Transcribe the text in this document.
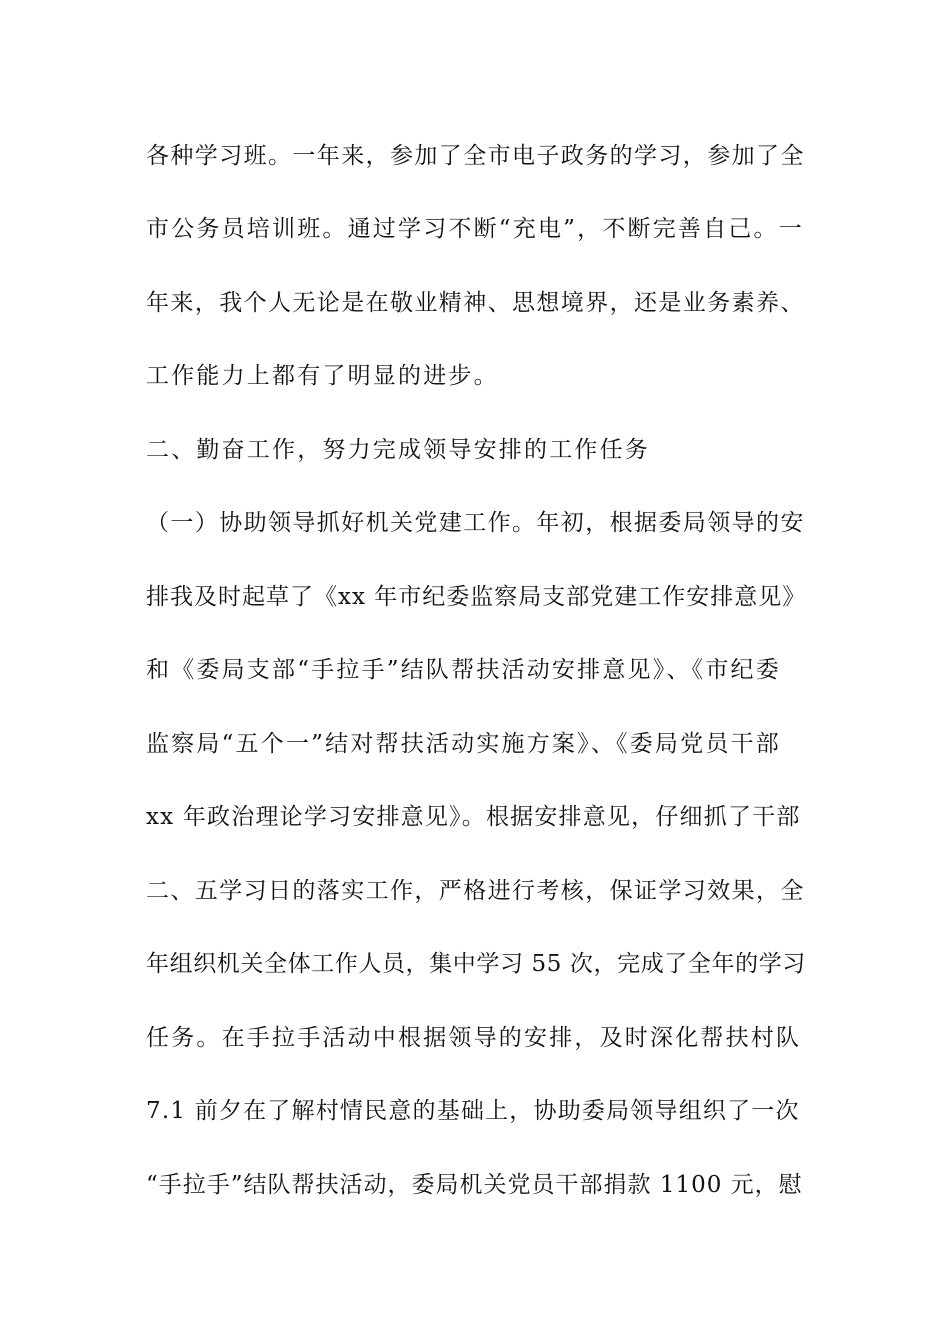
各种学习班。一年来，参加了全市电子政务的学习，参加了全
市公务员培训班。通过学习不断“充电”，不断完善自己。一
年来，我个人无论是在敬业精神、思想境界，还是业务素养、
工作能力上都有了明显的进步。
二、勤奋工作，努力完成领导安排的工作任务
（一）协助领导抓好机关党建工作。年初，根据委局领导的安
排我及时起草了《xx 年市纪委监察局支部党建工作安排意见》
和《委局支部“手拉手”结队帮扶活动安排意见》、《市纪委
监察局“五个一”结对帮扶活动实施方案》、《委局党员干部
xx 年政治理论学习安排意见》。根据安排意见，仔细抓了干部
二、五学习日的落实工作，严格进行考核，保证学习效果，全
年组织机关全体工作人员，集中学习 55 次，完成了全年的学习
任务。在手拉手活动中根据领导的安排，及时深化帮扶村队
7.1 前夕在了解村情民意的基础上，协助委局领导组织了一次
“手拉手”结队帮扶活动，委局机关党员干部捐款 1100 元，慰
